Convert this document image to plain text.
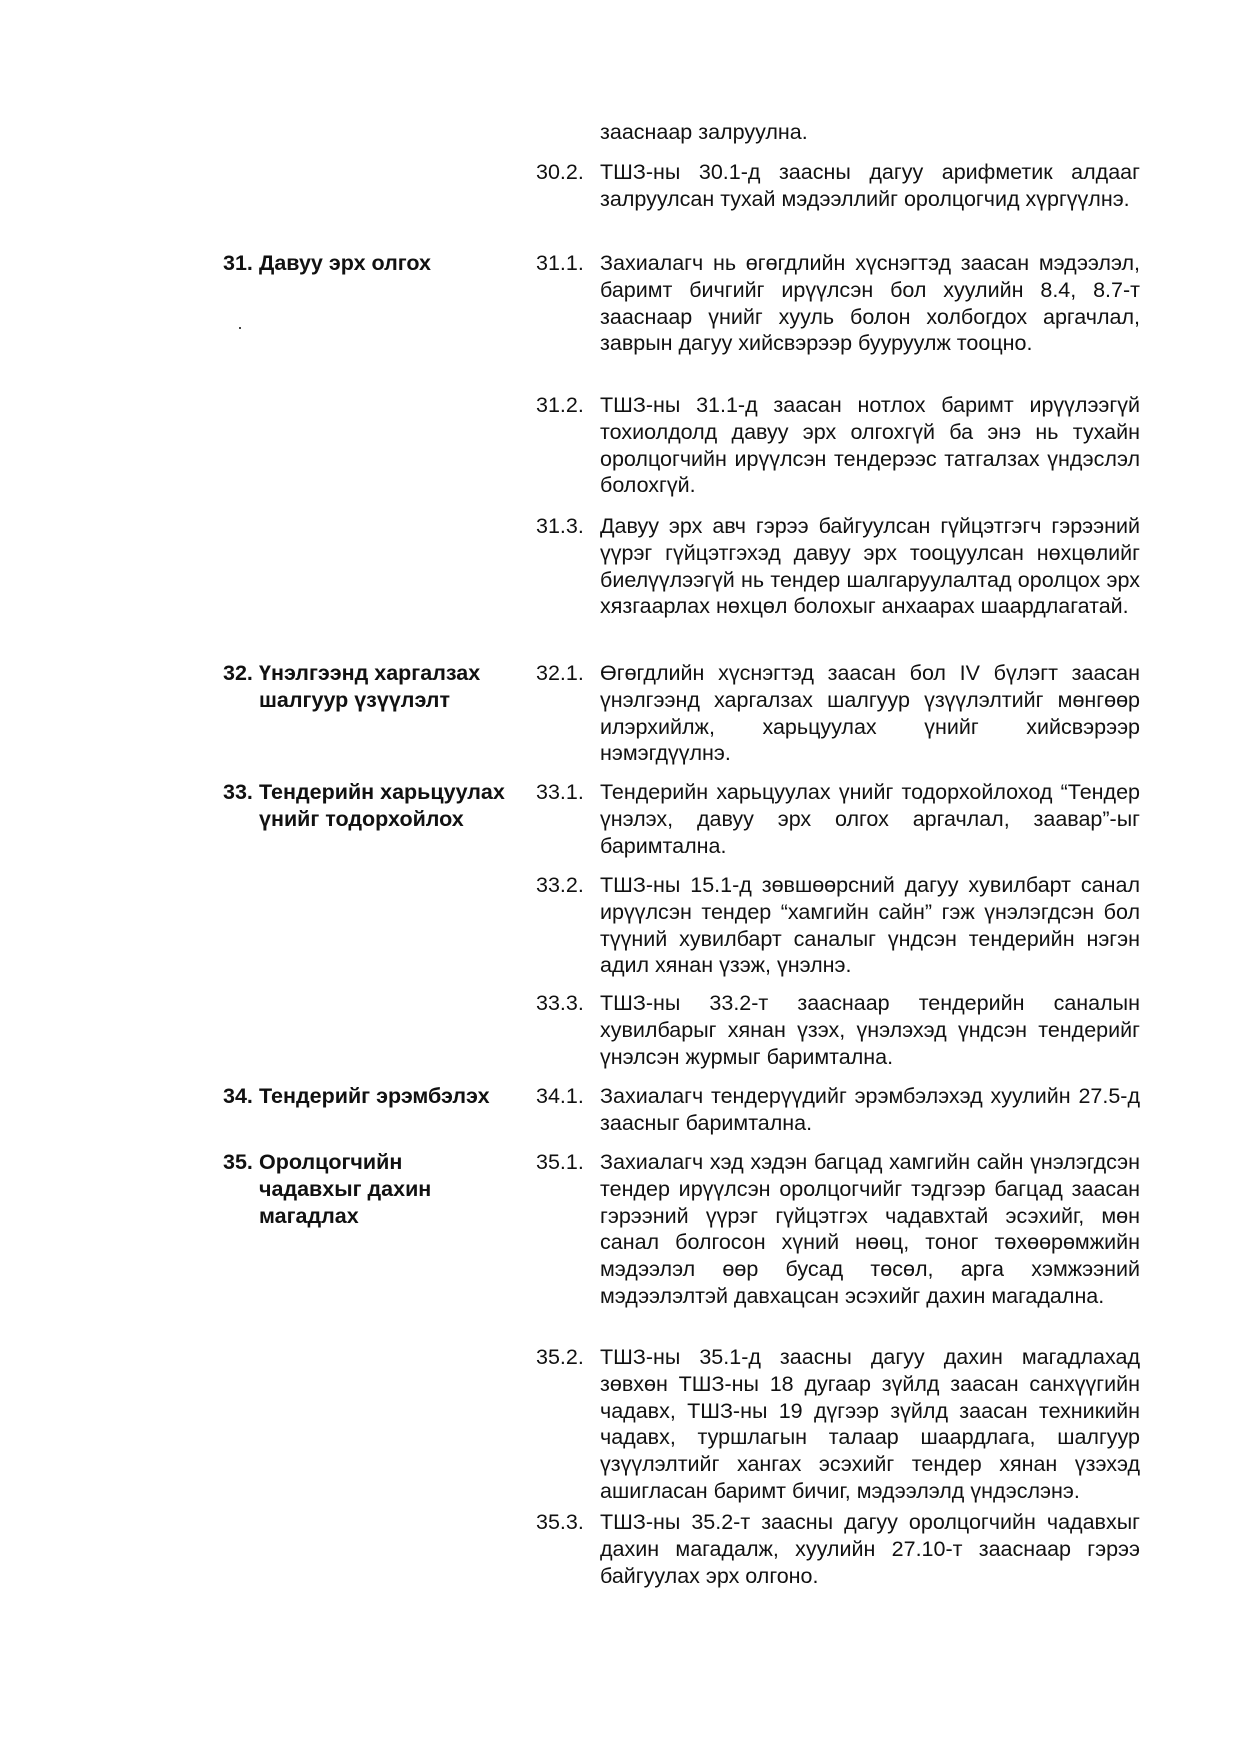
зааснаар залруулна.
30.2. ТШЗ-ны 30.1-д заасны дагуу арифметик алдааг залруулсан тухай мэдээллийг оролцогчид хүргүүлнэ.
31. Давуу эрх олгох	31.1. Захиалагч нь өгөгдлийн хүснэгтэд заасан мэдээлэл, баримт бичгийг ирүүлсэн бол хуулийн 8.4, 8.7-т зааснаар үнийг хууль болон холбогдох аргачлал, заврын дагуу хийсвэрээр бууруулж тооцно.
31.2. ТШЗ-ны 31.1-д заасан нотлох баримт ирүүлээгүй тохиолдолд давуу эрх олгохгүй ба энэ нь тухайн оролцогчийн ирүүлсэн тендерээс татгалзах үндэслэл болохгүй.
31.3. Давуу эрх авч гэрээ байгуулсан гүйцэтгэгч гэрээний үүрэг гүйцэтгэхэд давуу эрх тооцуулсан нөхцөлийг биелүүлээгүй нь тендер шалгаруулалтад оролцох эрх хязгаарлах нөхцөл болохыг анхаарах шаардлагатай.
32. Үнэлгээнд харгалзах шалгуур үзүүлэлт
32.1. Өгөгдлийн хүснэгтэд заасан бол IV бүлэгт заасан үнэлгээнд харгалзах шалгуур үзүүлэлтийг мөнгөөр илэрхийлж, харьцуулах үнийг хийсвэрээр нэмэгдүүлнэ.
33. Тендерийн харьцуулах үнийг тодорхойлох
33.1. Тендерийн харьцуулах үнийг тодорхойлоход “Тендер үнэлэх, давуу эрх олгох аргачлал, заавар”-ыг баримтална.
33.2. ТШЗ-ны 15.1-д зөвшөөрсний дагуу хувилбарт санал ирүүлсэн тендер “хамгийн сайн” гэж үнэлэгдсэн бол түүний хувилбарт саналыг үндсэн тендерийн нэгэн адил хянан үзэж, үнэлнэ.
33.3. ТШЗ-ны 33.2-т зааснаар тендерийн саналын хувилбарыг хянан үзэх, үнэлэхэд үндсэн тендерийг үнэлсэн журмыг баримтална.
34. Тендерийг эрэмбэлэх	34.1. Захиалагч тендерүүдийг эрэмбэлэхэд хуулийн 27.5-д заасныг баримтална.
35. Оролцогчийн чадавхыг дахин магадлах
35.1. Захиалагч хэд хэдэн багцад хамгийн сайн үнэлэгдсэн тендер ирүүлсэн оролцогчийг тэдгээр багцад заасан гэрээний үүрэг гүйцэтгэх чадавхтай эсэхийг, мөн санал болгосон хүний нөөц, тоног төхөөрөмжийн мэдээлэл өөр бусад төсөл, арга хэмжээний мэдээлэлтэй давхацсан эсэхийг дахин магадална.
35.2. ТШЗ-ны 35.1-д заасны дагуу дахин магадлахад зөвхөн ТШЗ-ны 18 дугаар зүйлд заасан санхүүгийн чадавх, ТШЗ-ны 19 дүгээр зүйлд заасан техникийн чадавх, туршлагын талаар шаардлага, шалгуур үзүүлэлтийг хангах эсэхийг тендер хянан үзэхэд ашигласан баримт бичиг, мэдээлэлд үндэслэнэ.
35.3. ТШЗ-ны 35.2-т заасны дагуу оролцогчийн чадавхыг дахин магадалж, хуулийн 27.10-т зааснаар гэрээ байгуулах эрх олгоно.
